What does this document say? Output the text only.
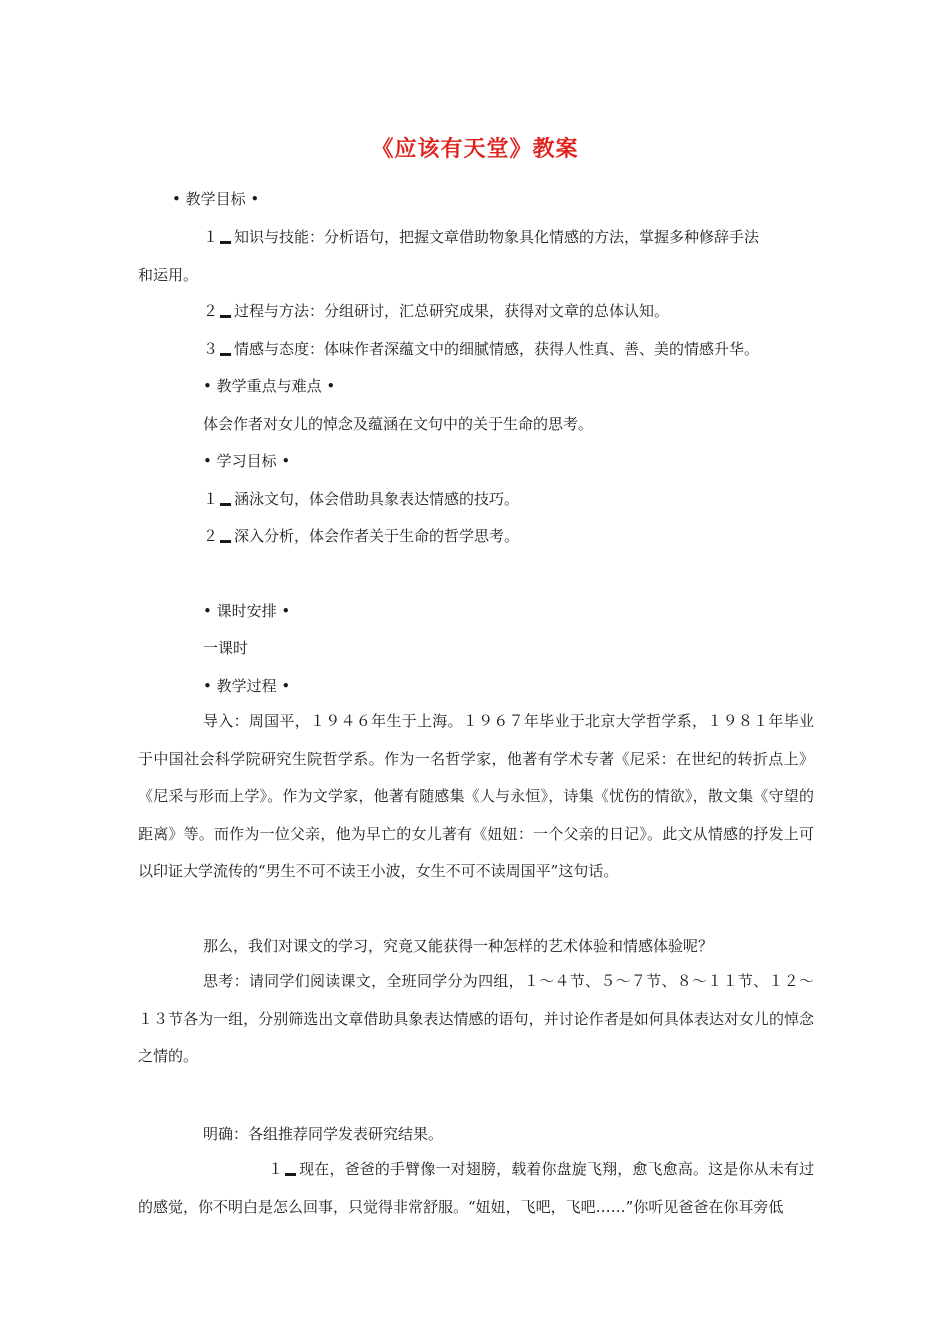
《应该有天堂》教案
• 教学目标 •
１ 知识与技能：分析语句，把握文章借助物象具化情感的方法，掌握多种修辞手法
和运用。
２ 过程与方法：分组研讨，汇总研究成果，获得对文章的总体认知。
３ 情感与态度：体味作者深蕴文中的细腻情感，获得人性真、善、美的情感升华。
• 教学重点与难点 •
体会作者对女儿的悼念及蕴涵在文句中的关于生命的思考。
• 学习目标 •
１ 涵泳文句，体会借助具象表达情感的技巧。
２ 深入分析，体会作者关于生命的哲学思考。
• 课时安排 •
一课时
• 教学过程 •
导入：周国平，１９４６年生于上海。１９６７年毕业于北京大学哲学系，１９８１年毕业于中国社会科学院研究生院哲学系。作为一名哲学家，他著有学术专著《尼采：在世纪的转折点上》《尼采与形而上学》。作为文学家，他著有随感集《人与永恒》，诗集《忧伤的情欲》，散文集《守望的距离》等。而作为一位父亲，他为早亡的女儿著有《妞妞：一个父亲的日记》。此文从情感的抒发上可以印证大学流传的“男生不可不读王小波，女生不可不读周国平”这句话。
那么，我们对课文的学习，究竟又能获得一种怎样的艺术体验和情感体验呢？
思考：请同学们阅读课文，全班同学分为四组，１～４节、５～７节、８～１１节、１２～１３节各为一组，分别筛选出文章借助具象表达情感的语句，并讨论作者是如何具体表达对女儿的悼念之情的。
明确：各组推荐同学发表研究结果。
１ 现在，爸爸的手臂像一对翅膀，载着你盘旋飞翔，愈飞愈高。这是你从未有过的感觉，你不明白是怎么回事，只觉得非常舒服。“妞妞，飞吧，飞吧……”你听见爸爸在你耳旁低
